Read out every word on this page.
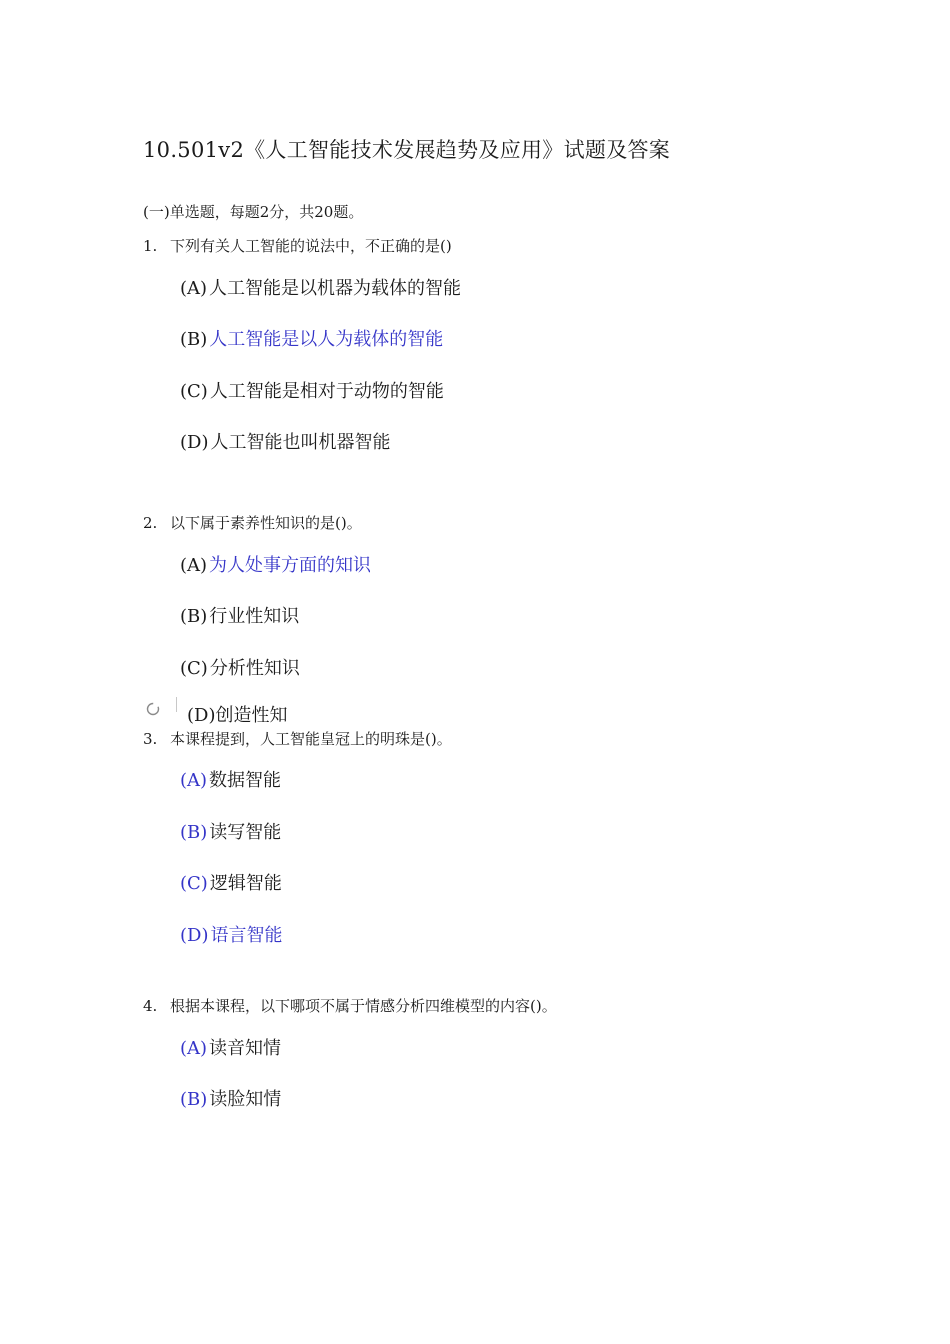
10.501v2《人工智能技术发展趋势及应用》试题及答案
(一)单选题，每题2分，共20题。
1. 下列有关人工智能的说法中，不正确的是()
(A) 人工智能是以机器为载体的智能
(B) 人工智能是以人为载体的智能
(C) 人工智能是相对于动物的智能
(D) 人工智能也叫机器智能
2. 以下属于素养性知识的是()。
(A) 为人处事方面的知识
(B) 行业性知识
(C) 分析性知识
(D)创造性知
3. 本课程提到，人工智能皇冠上的明珠是()。
(A) 数据智能
(B) 读写智能
(C) 逻辑智能
(D) 语言智能
4. 根据本课程，以下哪项不属于情感分析四维模型的内容()。
(A) 读音知情
(B) 读脸知情
